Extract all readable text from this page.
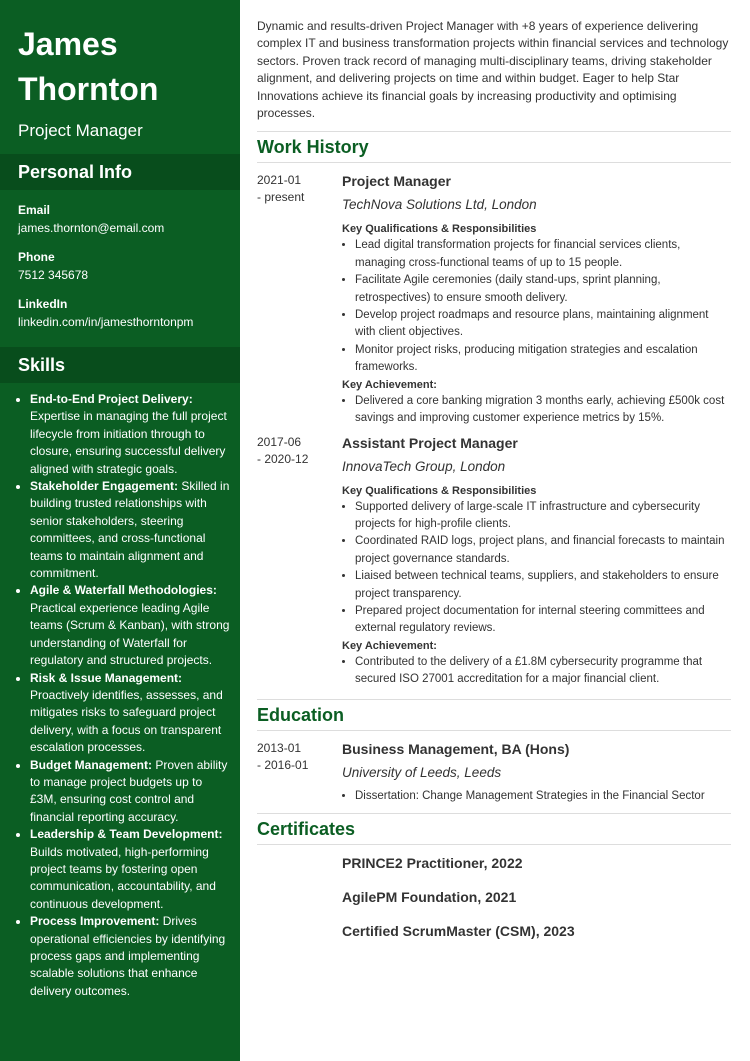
James
Thornton
Project Manager
Personal Info
Email
james.thornton@email.com
Phone
7512 345678
LinkedIn
linkedin.com/in/jamesthorntonpm
Skills
• End-to-End Project Delivery: Expertise in managing the full project lifecycle from initiation through to closure, ensuring successful delivery aligned with strategic goals.
• Stakeholder Engagement: Skilled in building trusted relationships with senior stakeholders, steering committees, and cross-functional teams to maintain alignment and commitment.
• Agile & Waterfall Methodologies: Practical experience leading Agile teams (Scrum & Kanban), with strong understanding of Waterfall for regulatory and structured projects.
• Risk & Issue Management: Proactively identifies, assesses, and mitigates risks to safeguard project delivery, with a focus on transparent escalation processes.
• Budget Management: Proven ability to manage project budgets up to £3M, ensuring cost control and financial reporting accuracy.
• Leadership & Team Development: Builds motivated, high-performing project teams by fostering open communication, accountability, and continuous development.
• Process Improvement: Drives operational efficiencies by identifying process gaps and implementing scalable solutions that enhance delivery outcomes.

Dynamic and results-driven Project Manager with +8 years of experience delivering complex IT and business transformation projects within financial services and technology sectors. Proven track record of managing multi-disciplinary teams, driving stakeholder alignment, and delivering projects on time and within budget. Eager to help Star Innovations achieve its financial goals by increasing productivity and optimising processes.

Work History
2021-01
- present
Project Manager
TechNova Solutions Ltd, London
Key Qualifications & Responsibilities
• Lead digital transformation projects for financial services clients, managing cross-functional teams of up to 15 people.
• Facilitate Agile ceremonies (daily stand-ups, sprint planning, retrospectives) to ensure smooth delivery.
• Develop project roadmaps and resource plans, maintaining alignment with client objectives.
• Monitor project risks, producing mitigation strategies and escalation frameworks.
Key Achievement:
• Delivered a core banking migration 3 months early, achieving £500k cost savings and improving customer experience metrics by 15%.
2017-06
- 2020-12
Assistant Project Manager
InnovaTech Group, London
Key Qualifications & Responsibilities
• Supported delivery of large-scale IT infrastructure and cybersecurity projects for high-profile clients.
• Coordinated RAID logs, project plans, and financial forecasts to maintain project governance standards.
• Liaised between technical teams, suppliers, and stakeholders to ensure project transparency.
• Prepared project documentation for internal steering committees and external regulatory reviews.
Key Achievement:
• Contributed to the delivery of a £1.8M cybersecurity programme that secured ISO 27001 accreditation for a major financial client.
Education
2013-01
- 2016-01
Business Management, BA (Hons)
University of Leeds, Leeds
• Dissertation: Change Management Strategies in the Financial Sector
Certificates
PRINCE2 Practitioner, 2022
AgilePM Foundation, 2021
Certified ScrumMaster (CSM), 2023
